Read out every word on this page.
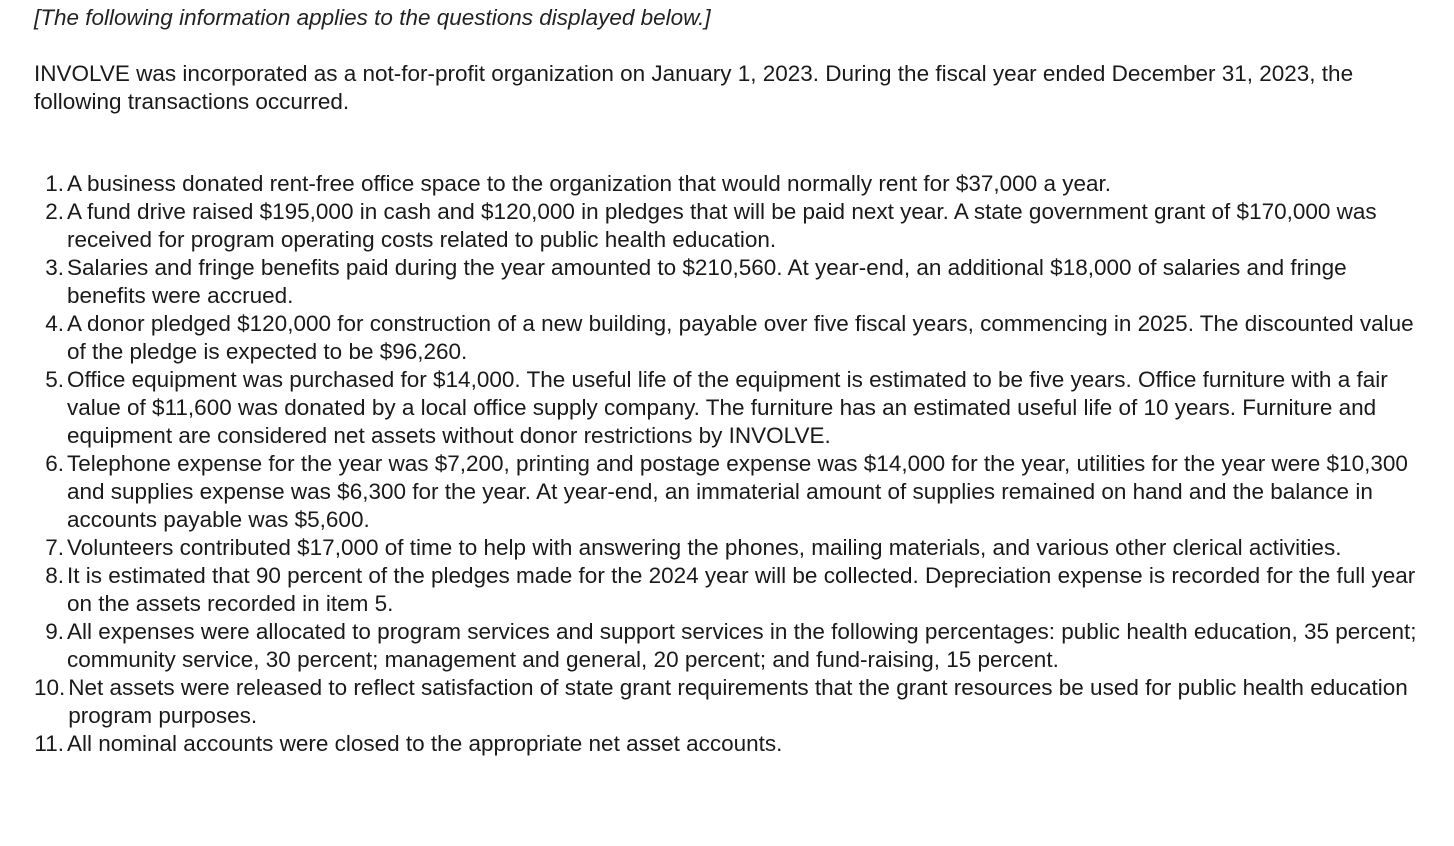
[The following information applies to the questions displayed below.]

INVOLVE was incorporated as a not-for-profit organization on January 1, 2023. During the fiscal year ended December 31, 2023, the following transactions occurred.

1. A business donated rent-free office space to the organization that would normally rent for $37,000 a year.
2. A fund drive raised $195,000 in cash and $120,000 in pledges that will be paid next year. A state government grant of $170,000 was received for program operating costs related to public health education.
3. Salaries and fringe benefits paid during the year amounted to $210,560. At year-end, an additional $18,000 of salaries and fringe benefits were accrued.
4. A donor pledged $120,000 for construction of a new building, payable over five fiscal years, commencing in 2025. The discounted value of the pledge is expected to be $96,260.
5. Office equipment was purchased for $14,000. The useful life of the equipment is estimated to be five years. Office furniture with a fair value of $11,600 was donated by a local office supply company. The furniture has an estimated useful life of 10 years. Furniture and equipment are considered net assets without donor restrictions by INVOLVE.
6. Telephone expense for the year was $7,200, printing and postage expense was $14,000 for the year, utilities for the year were $10,300 and supplies expense was $6,300 for the year. At year-end, an immaterial amount of supplies remained on hand and the balance in accounts payable was $5,600.
7. Volunteers contributed $17,000 of time to help with answering the phones, mailing materials, and various other clerical activities.
8. It is estimated that 90 percent of the pledges made for the 2024 year will be collected. Depreciation expense is recorded for the full year on the assets recorded in item 5.
9. All expenses were allocated to program services and support services in the following percentages: public health education, 35 percent; community service, 30 percent; management and general, 20 percent; and fund-raising, 15 percent.
10. Net assets were released to reflect satisfaction of state grant requirements that the grant resources be used for public health education program purposes.
11. All nominal accounts were closed to the appropriate net asset accounts.
